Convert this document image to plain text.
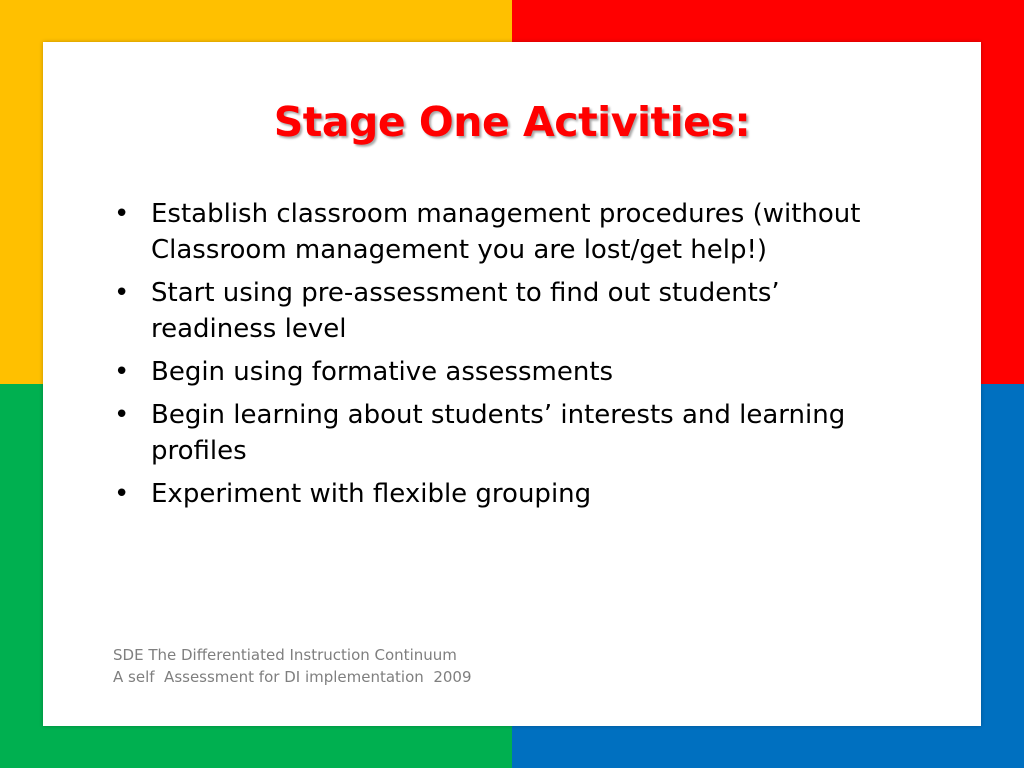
Stage One Activities:
• Establish classroom management procedures (without Classroom management you are lost/get help!)
• Start using pre-assessment to find out students’ readiness level
• Begin using formative assessments
• Begin learning about students’ interests and learning profiles
• Experiment with flexible grouping
SDE The Differentiated Instruction Continuum
A self  Assessment for DI implementation  2009
